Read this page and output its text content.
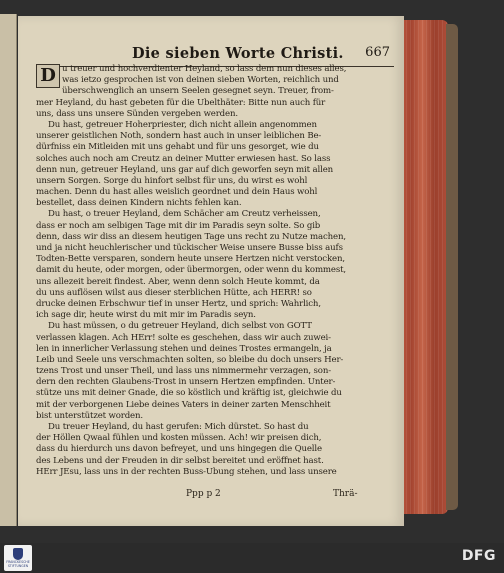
Die sieben Worte Christi. 667
D u treuer und hochverdienter Heyland, so lass dem nun dieses alles,
was ietzo gesprochen ist von deinen sieben Worten, reichlich und
überschwenglich an unsern Seelen gesegnet seyn. Treuer, from-
mer Heyland, du hast gebeten für die Ubelthäter: Bitte nun auch für
uns, dass uns unsere Sünden vergeben werden.
Du hast, getreuer Hoherpriester, dich nicht allein angenommen
unserer geistlichen Noth, sondern hast auch in unser leiblichen Be-
dürfniss ein Mitleiden mit uns gehabt und für uns gesorget, wie du
solches auch noch am Creutz an deiner Mutter erwiesen hast. So lass
denn nun, getreuer Heyland, uns gar auf dich geworfen seyn mit allen
unsern Sorgen. Sorge du hinfort selbst für uns, du wirst es wohl
machen. Denn du hast alles weislich geordnet und dein Haus wohl
bestellet, dass deinen Kindern nichts fehlen kan.
Du hast, o treuer Heyland, dem Schächer am Creutz verheissen,
dass er noch am selbigen Tage mit dir im Paradis seyn solte. So gib
denn, dass wir diss an diesem heutigen Tage uns recht zu Nutze machen,
und ja nicht heuchlerischer und tückischer Weise unsere Busse biss aufs
Todten-Bette versparen, sondern heute unsere Hertzen nicht verstocken,
damit du heute, oder morgen, oder übermorgen, oder wenn du kommest,
uns allezeit bereit findest. Aber, wenn denn solch Heute kommt, da
du uns auflösen wilst aus dieser sterblichen Hütte, ach HERR! so
drucke deinen Erbschwur tief in unser Hertz, und sprich: Wahrlich,
ich sage dir, heute wirst du mit mir im Paradis seyn.
Du hast müssen, o du getreuer Heyland, dich selbst von GOTT
verlassen klagen. Ach HErr! solte es geschehen, dass wir auch zuwei-
len in innerlicher Verlassung stehen und deines Trostes ermangeln, ja
Leib und Seele uns verschmachten solten, so bleibe du doch unsers Her-
tzens Trost und unser Theil, und lass uns nimmermehr verzagen, son-
dern den rechten Glaubens-Trost in unsern Hertzen empfinden. Unter-
stütze uns mit deiner Gnade, die so köstlich und kräftig ist, gleichwie du
mit der verborgenen Liebe deines Vaters in deiner zarten Menschheit
bist unterstützet worden.
Du treuer Heyland, du hast gerufen: Mich dürstet. So hast du
der Höllen Qwaal fühlen und kosten müssen. Ach! wir preisen dich,
dass du hierdurch uns davon befreyet, und uns hingegen die Quelle
des Lebens und der Freuden in dir selbst bereitet und eröffnet hast.
HErr JEsu, lass uns in der rechten Buss-Ubung stehen, und lass unsere
Ppp p 2	Thrä-
FRANCKESCHE STIFTUNGEN
DFG
